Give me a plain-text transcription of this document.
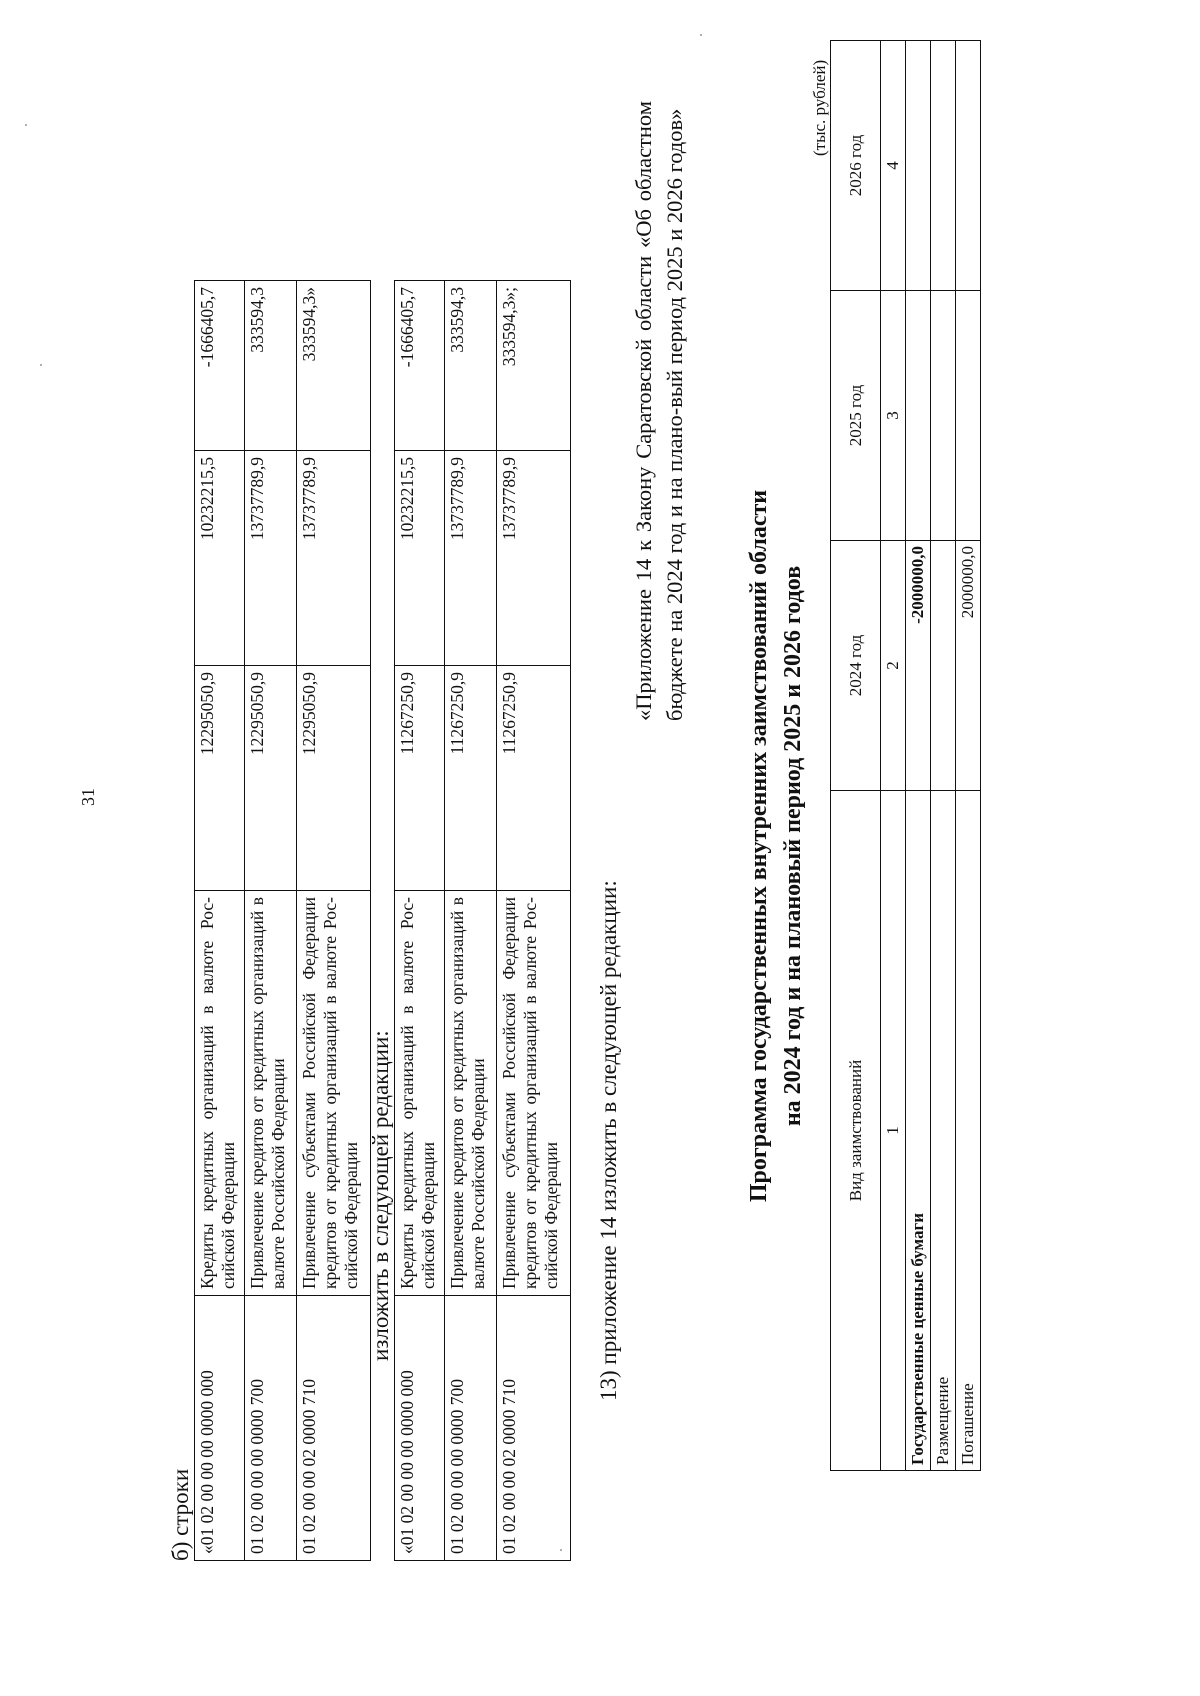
31
б) строки «01 02 00 00 00 0000 000	Кредиты кредитных организаций в валюте Рос-сийской Федерации	12295050,9	10232215,5	-1666405,7
01 02 00 00 00 0000 700	Привлечение кредитов от кредитных организаций в валюте Российской Федерации	12295050,9	13737789,9	333594,3
01 02 00 00 02 0000 710	Привлечение субъектами Российской Федерации кредитов от кредитных организаций в валюте Рос-сийской Федерации	12295050,9	13737789,9	333594,3»
изложить в следующей редакции:
«01 02 00 00 00 0000 000	Кредиты кредитных организаций в валюте Рос-сийской Федерации	11267250,9	10232215,5	-1666405,7
01 02 00 00 00 0000 700	Привлечение кредитов от кредитных организаций в валюте Российской Федерации	11267250,9	13737789,9	333594,3
01 02 00 00 02 0000 710	Привлечение субъектами Российской Федерации кредитов от кредитных организаций в валюте Рос-сийской Федерации	11267250,9	13737789,9	333594,3»;
13) приложение 14 изложить в следующей редакции:
«Приложение 14 к Закону Саратовской области «Об областном бюджете на 2024 год и на плано-вый период 2025 и 2026 годов»
Программа государственных внутренних заимствований области на 2024 год и на плановый период 2025 и 2026 годов
(тыс. рублей)
Вид заимствований	2024 год	2025 год	2026 год
1	2	3	4
Государственные ценные бумаги	-2000000,0		
Размещение			
Погашение	2000000,0		
